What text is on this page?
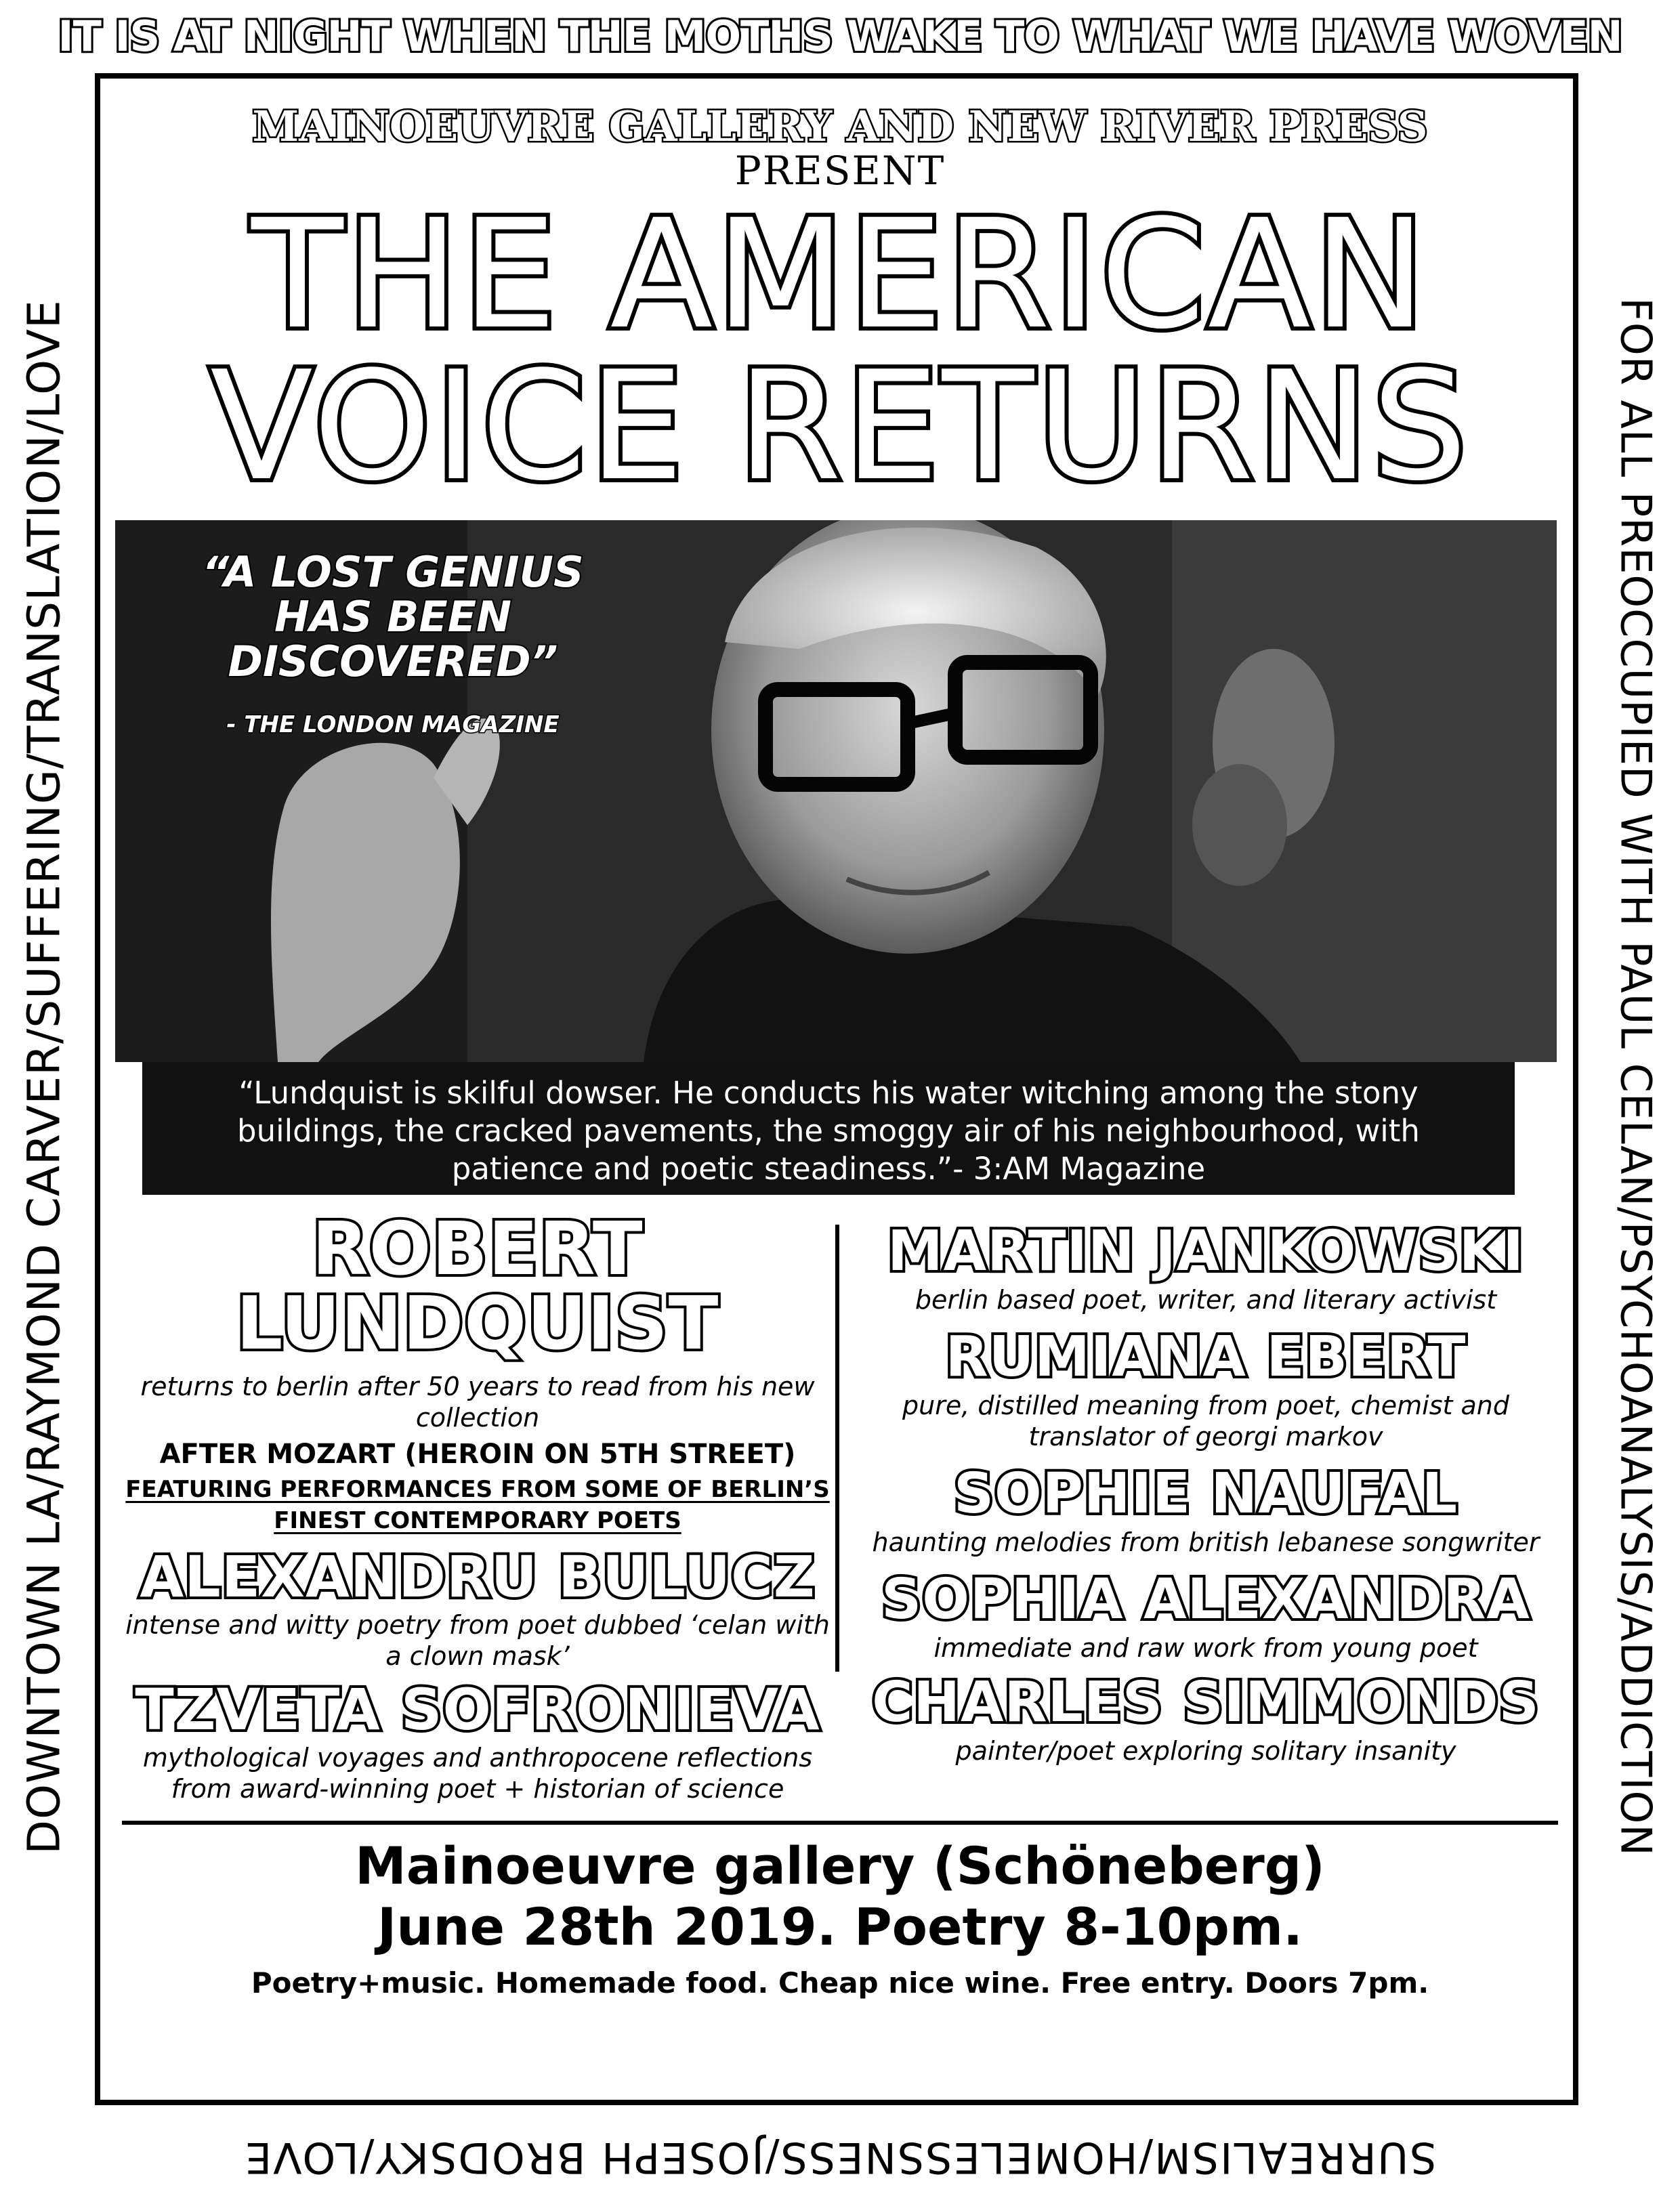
IT IS AT NIGHT WHEN THE MOTHS WAKE TO WHAT WE HAVE WOVEN
DOWNTOWN LA/RAYMOND CARVER/SUFFERING/TRANSLATION/LOVE	FOR ALL PREOCCUPIED WITH PAUL CELAN/PSYCHOANALYSIS/ADDICTION
SURREALISM/HOMELESSNESS/JOSEPH BRODSKY/LOVE
MAINOEUVRE GALLERY AND NEW RIVER PRESS
PRESENT
THE AMERICAN
VOICE RETURNS
“A LOST GENIUS HAS BEEN DISCOVERED”
- THE LONDON MAGAZINE
“Lundquist is skilful dowser. He conducts his water witching among the stony buildings, the cracked pavements, the smoggy air of his neighbourhood, with patience and poetic steadiness.”- 3:AM Magazine
ROBERT
LUNDQUIST
returns to berlin after 50 years to read from his new collection
AFTER MOZART (HEROIN ON 5TH STREET)
FEATURING PERFORMANCES FROM SOME OF BERLIN’S FINEST CONTEMPORARY POETS
ALEXANDRU BULUCZ
intense and witty poetry from poet dubbed ‘celan with a clown mask’
TZVETA SOFRONIEVA
mythological voyages and anthropocene reflections from award-winning poet + historian of science
MARTIN JANKOWSKI
berlin based poet, writer, and literary activist
RUMIANA EBERT
pure, distilled meaning from poet, chemist and translator of georgi markov
SOPHIE NAUFAL
haunting melodies from british lebanese songwriter
SOPHIA ALEXANDRA
immediate and raw work from young poet
CHARLES SIMMONDS
painter/poet exploring solitary insanity
Mainoeuvre gallery (Schöneberg)
June 28th 2019. Poetry 8-10pm.
Poetry+music. Homemade food. Cheap nice wine. Free entry. Doors 7pm.
